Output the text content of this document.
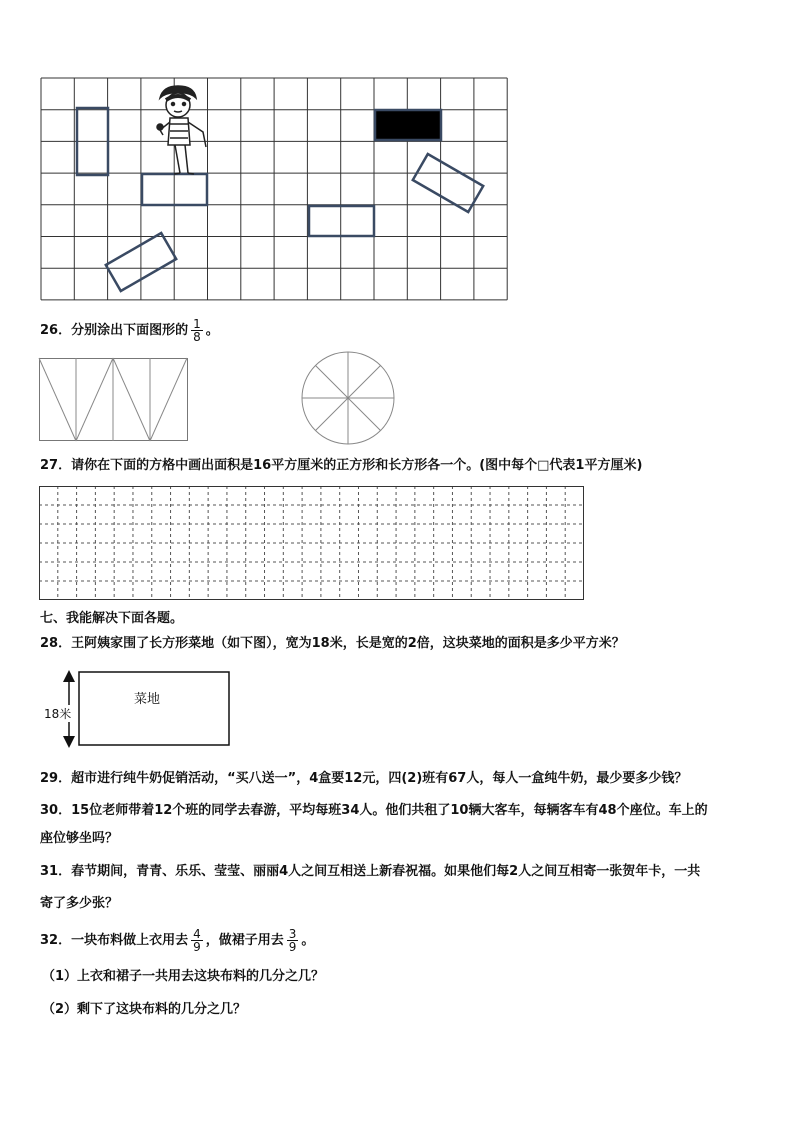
26．分别涂出下面图形的 $\frac{1}{8}$ 。
27．请你在下面的方格中画出面积是16平方厘米的正方形和长方形各一个。(图中每个□代表1平方厘米)
七、我能解决下面各题。
28．王阿姨家围了长方形菜地（如下图），宽为18米，长是宽的2倍，这块菜地的面积是多少平方米？
菜地
18米
29．超市进行纯牛奶促销活动，“买八送一”，4盒要12元，四(2)班有67人，每人一盒纯牛奶，最少要多少钱？
30．15位老师带着12个班的同学去春游，平均每班34人。他们共租了10辆大客车，每辆客车有48个座位。车上的
座位够坐吗？
31．春节期间，青青、乐乐、莹莹、丽丽4人之间互相送上新春祝福。如果他们每2人之间互相寄一张贺年卡，一共
寄了多少张？
32．一块布料做上衣用去 $\frac{4}{9}$ ，做裙子用去 $\frac{3}{9}$ 。
（1）上衣和裙子一共用去这块布料的几分之几？
（2）剩下了这块布料的几分之几？
